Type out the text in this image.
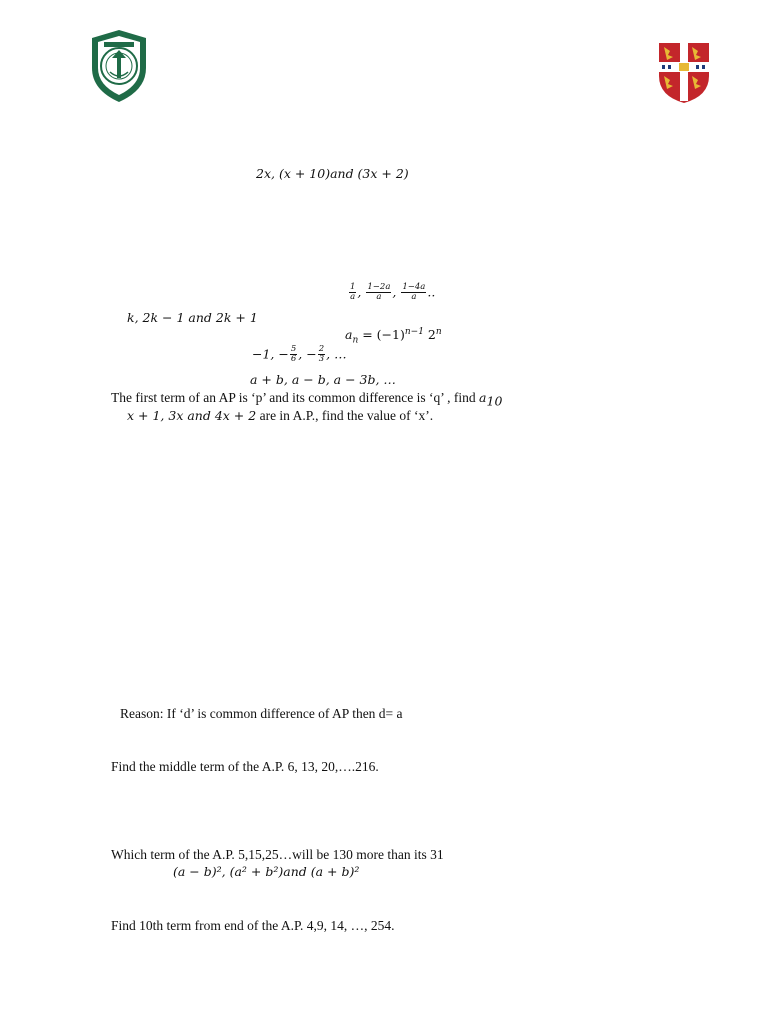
2x, (x + 10)and (3x + 2)
$\frac{1}{a}$ , $\frac{1-2a}{a}$ , $\frac{1-4a}{a}$ ..
k, 2k − 1 and 2k + 1
$a_n = (-1)^{n-1}$ $2^n$
−1, − $\frac{5}{6}$ , − $\frac{2}{3}$ , …
a + b, a − b, a − 3b, …
The first term of an AP is ‘p’ and its common difference is ‘q’ , find $a_{10}$
x + 1, 3x and 4x + 2 are in A.P., find the value of ‘x’.
Reason: If ‘d’ is common difference of AP then d= a
Find the middle term of the A.P. 6, 13, 20,….216.
Which term of the A.P. 5,15,25…will be 130 more than its 31
(a − b)², (a² + b²)and (a + b)²
Find 10th term from end of the A.P. 4,9, 14, …, 254.
